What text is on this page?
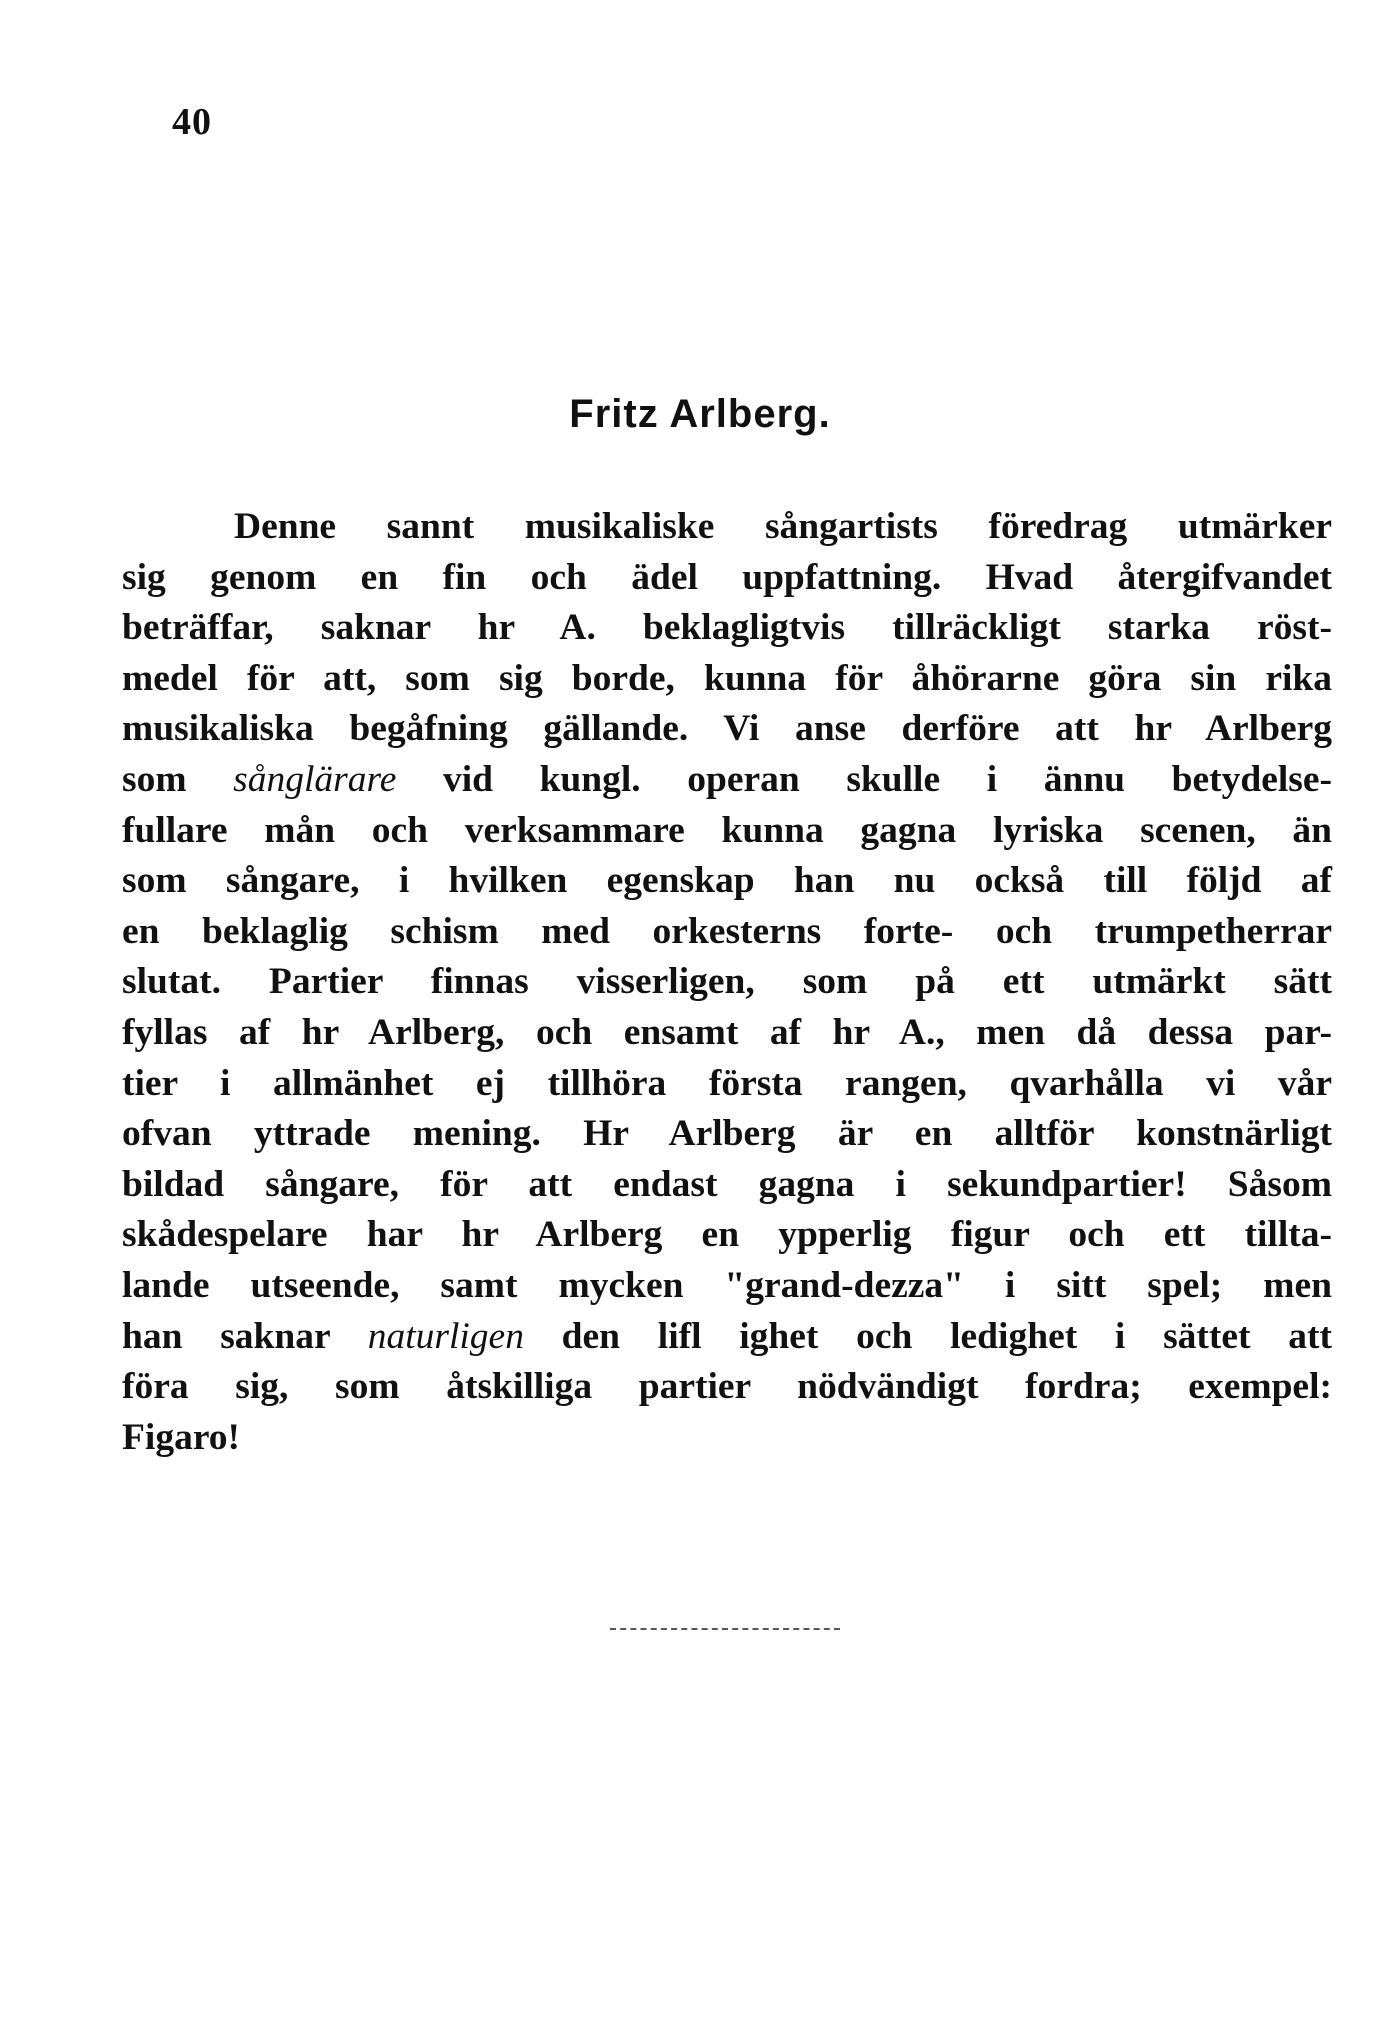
40
Fritz Arlberg.
Denne sannt musikaliske sångartists föredrag utmärker
sig genom en fin och ädel uppfattning. Hvad återgifvandet
beträffar, saknar hr A. beklagligtvis tillräckligt starka röst-
medel för att, som sig borde, kunna för åhörarne göra sin rika
musikaliska begåfning gällande. Vi anse derföre att hr Arlberg
som sånglärare vid kungl. operan skulle i ännu betydelse-
fullare mån och verksammare kunna gagna lyriska scenen, än
som sångare, i hvilken egenskap han nu också till följd af
en beklaglig schism med orkesterns forte- och trumpetherrar
slutat. Partier finnas visserligen, som på ett utmärkt sätt
fyllas af hr Arlberg, och ensamt af hr A., men då dessa par-
tier i allmänhet ej tillhöra första rangen, qvarhålla vi vår
ofvan yttrade mening. Hr Arlberg är en alltför konstnärligt
bildad sångare, för att endast gagna i sekundpartier! Såsom
skådespelare har hr Arlberg en ypperlig figur och ett tillta-
lande utseende, samt mycken "grand-dezza" i sitt spel; men
han saknar naturligen den lifl ighet och ledighet i sättet att
föra sig, som åtskilliga partier nödvändigt fordra; exempel:
Figaro!
